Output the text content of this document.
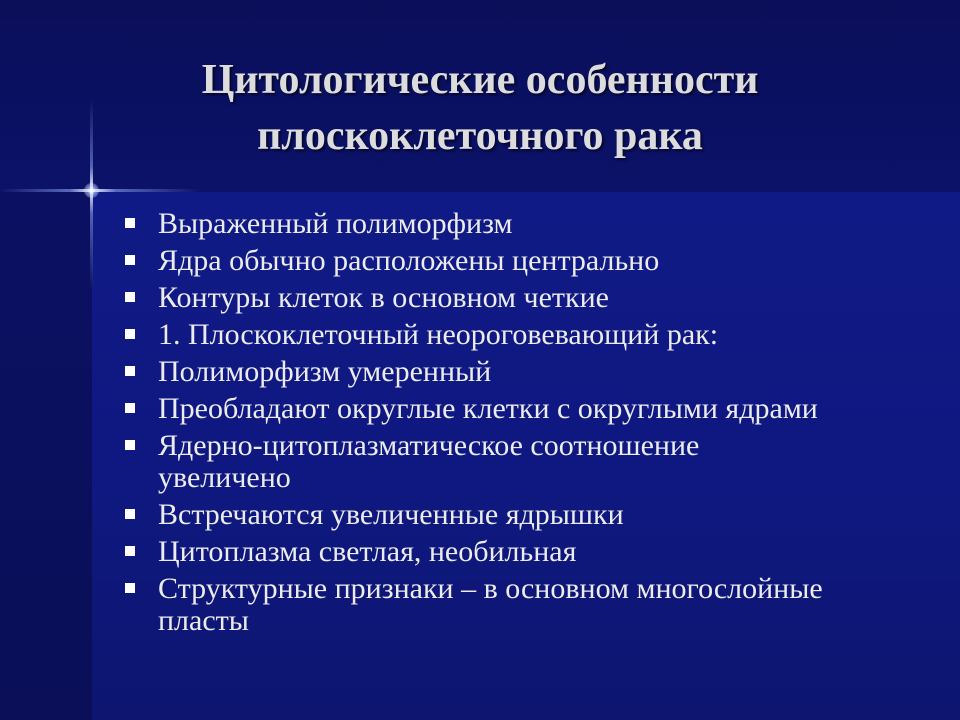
Цитологические особенности
плоскоклеточного рака
Выраженный полиморфизм
Ядра обычно расположены центрально
Контуры клеток в основном четкие
1. Плоскоклеточный неороговевающий рак:
Полиморфизм умеренный
Преобладают округлые клетки с округлыми ядрами
Ядерно-цитоплазматическое соотношение увеличено
Встречаются увеличенные ядрышки
Цитоплазма светлая, необильная
Структурные признаки – в основном многослойные пласты
